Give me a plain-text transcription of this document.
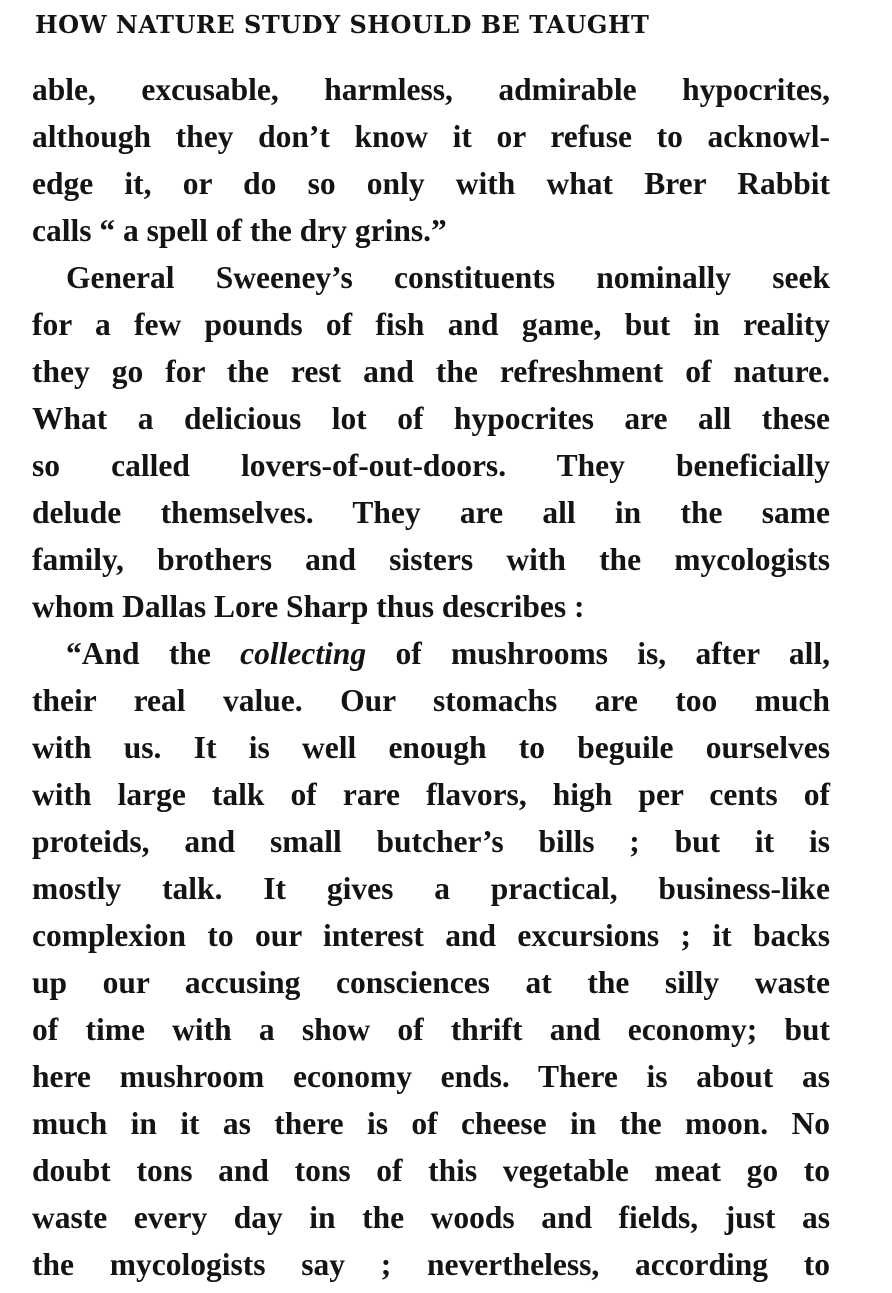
HOW NATURE STUDY SHOULD BE TAUGHT
able, excusable, harmless, admirable hypocrites,
although they don’t know it or refuse to acknowl-
edge it, or do so only with what Brer Rabbit
calls “ a spell of the dry grins.”
General Sweeney’s constituents nominally seek
for a few pounds of fish and game, but in reality
they go for the rest and the refreshment of nature.
What a delicious lot of hypocrites are all these
so called lovers-of-out-doors. They beneficially
delude themselves. They are all in the same
family, brothers and sisters with the mycologists
whom Dallas Lore Sharp thus describes :
“And the collecting of mushrooms is, after all,
their real value. Our stomachs are too much
with us. It is well enough to beguile ourselves
with large talk of rare flavors, high per cents of
proteids, and small butcher’s bills ; but it is
mostly talk. It gives a practical, business-like
complexion to our interest and excursions ; it backs
up our accusing consciences at the silly waste
of time with a show of thrift and economy; but
here mushroom economy ends. There is about as
much in it as there is of cheese in the moon. No
doubt tons and tons of this vegetable meat go to
waste every day in the woods and fields, just as
the mycologists say ; nevertheless, according to
